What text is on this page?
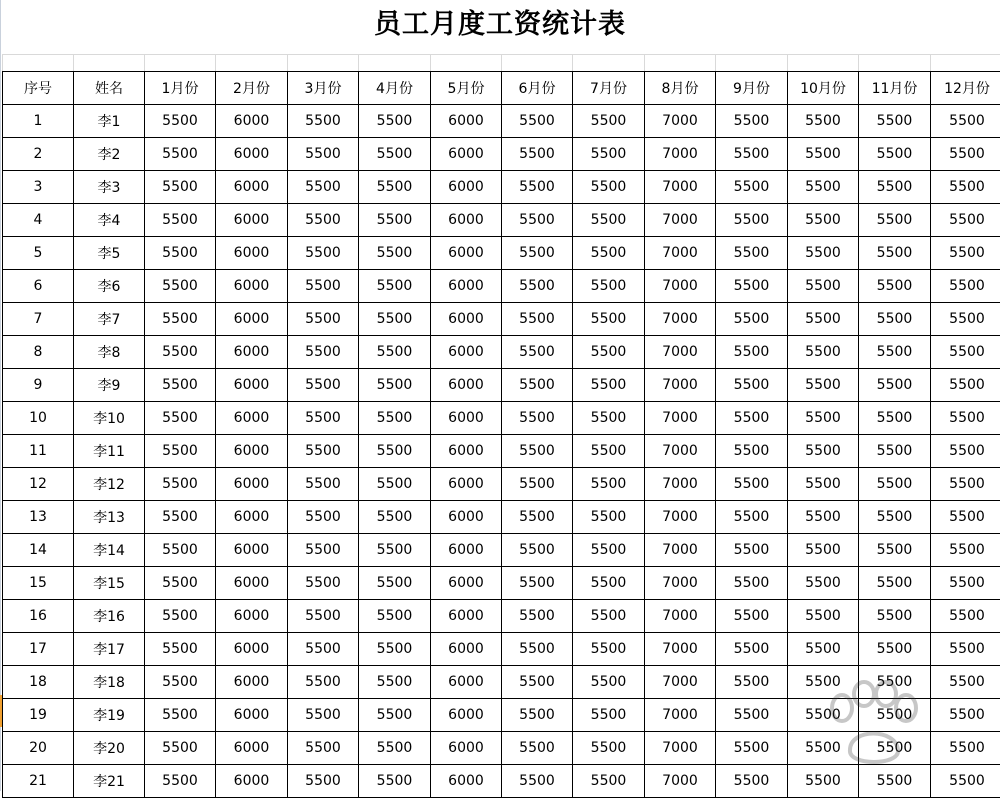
员工月度工资统计表

序号	姓名	1月份	2月份	3月份	4月份	5月份	6月份	7月份	8月份	9月份	10月份	11月份	12月份
1	李1	5500	6000	5500	5500	6000	5500	5500	7000	5500	5500	5500	5500
2	李2	5500	6000	5500	5500	6000	5500	5500	7000	5500	5500	5500	5500
3	李3	5500	6000	5500	5500	6000	5500	5500	7000	5500	5500	5500	5500
4	李4	5500	6000	5500	5500	6000	5500	5500	7000	5500	5500	5500	5500
5	李5	5500	6000	5500	5500	6000	5500	5500	7000	5500	5500	5500	5500
6	李6	5500	6000	5500	5500	6000	5500	5500	7000	5500	5500	5500	5500
7	李7	5500	6000	5500	5500	6000	5500	5500	7000	5500	5500	5500	5500
8	李8	5500	6000	5500	5500	6000	5500	5500	7000	5500	5500	5500	5500
9	李9	5500	6000	5500	5500	6000	5500	5500	7000	5500	5500	5500	5500
10	李10	5500	6000	5500	5500	6000	5500	5500	7000	5500	5500	5500	5500
11	李11	5500	6000	5500	5500	6000	5500	5500	7000	5500	5500	5500	5500
12	李12	5500	6000	5500	5500	6000	5500	5500	7000	5500	5500	5500	5500
13	李13	5500	6000	5500	5500	6000	5500	5500	7000	5500	5500	5500	5500
14	李14	5500	6000	5500	5500	6000	5500	5500	7000	5500	5500	5500	5500
15	李15	5500	6000	5500	5500	6000	5500	5500	7000	5500	5500	5500	5500
16	李16	5500	6000	5500	5500	6000	5500	5500	7000	5500	5500	5500	5500
17	李17	5500	6000	5500	5500	6000	5500	5500	7000	5500	5500	5500	5500
18	李18	5500	6000	5500	5500	6000	5500	5500	7000	5500	5500	5500	5500
19	李19	5500	6000	5500	5500	6000	5500	5500	7000	5500	5500	5500	5500
20	李20	5500	6000	5500	5500	6000	5500	5500	7000	5500	5500	5500	5500
21	李21	5500	6000	5500	5500	6000	5500	5500	7000	5500	5500	5500	5500
